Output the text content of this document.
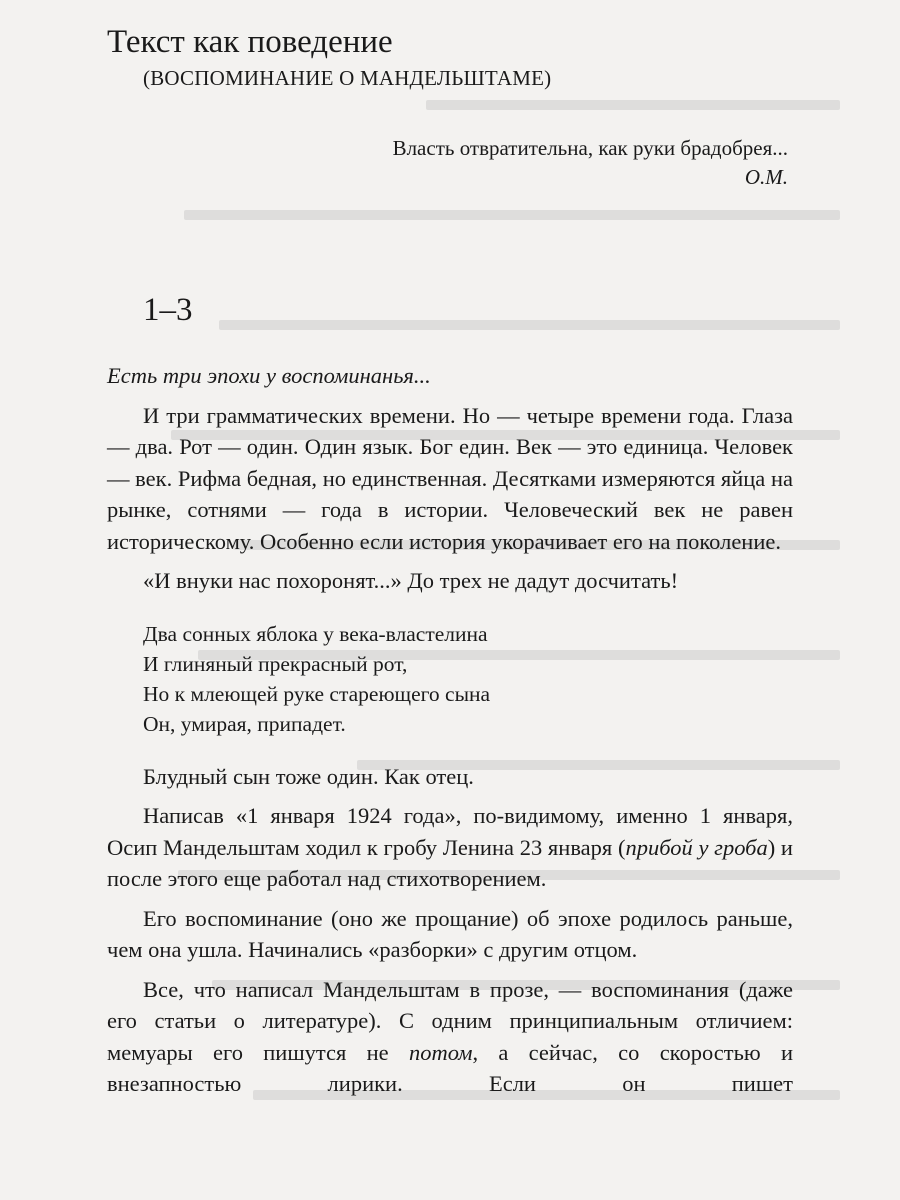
Текст как поведение
(ВОСПОМИНАНИЕ О МАНДЕЛЬШТАМЕ)
Власть отвратительна, как руки брадобрея...
О.М.
1–3

Есть три эпохи у воспоминанья...

И три грамматических времени. Но — четыре времени года. Глаза — два. Рот — один. Один язык. Бог един. Век — это единица. Человек — век. Рифма бедная, но единственная. Десятками измеряются яйца на рынке, сотнями — года в истории. Человеческий век не равен историческому. Особенно если история укорачивает его на поколение.

«И внуки нас похоронят...» До трех не дадут досчитать!

Два сонных яблока у века-властелина
И глиняный прекрасный рот,
Но к млеющей руке стареющего сына
Он, умирая, припадет.

Блудный сын тоже один. Как отец.

Написав «1 января 1924 года», по-видимому, именно 1 января, Осип Мандельштам ходил к гробу Ленина 23 января (прибой у гроба) и после этого еще работал над стихотворением.

Его воспоминание (оно же прощание) об эпохе родилось раньше, чем она ушла. Начинались «разборки» с другим отцом.

Все, что написал Мандельштам в прозе, — воспоминания (даже его статьи о литературе). С одним принципиальным отличием: мемуары его пишутся не потом, а сейчас, со скоростью и внезапностью лирики. Если он пишет
